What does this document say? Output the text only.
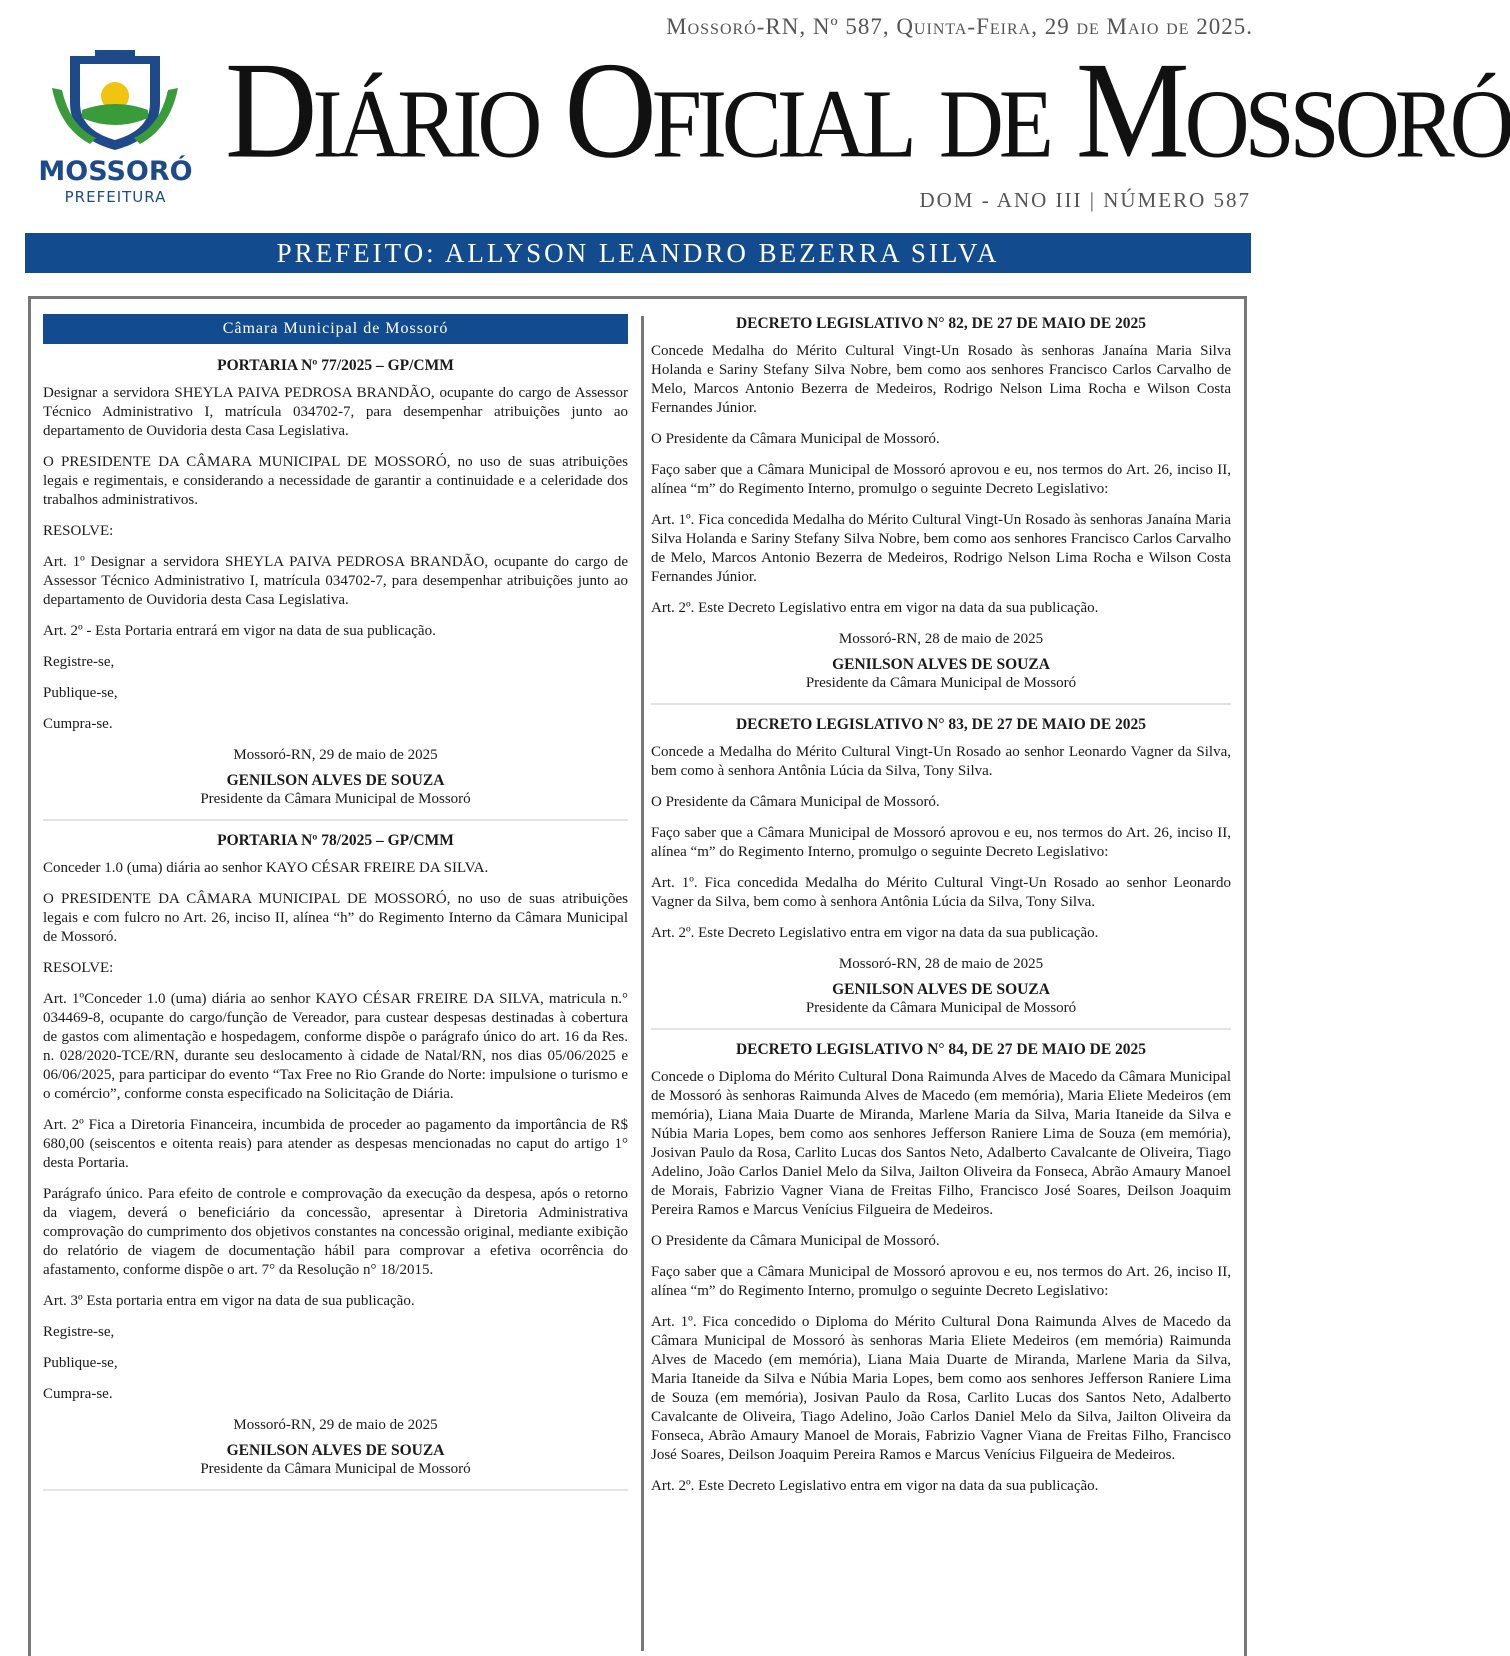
MOSSORÓ
PREFEITURA
Mossoró-RN, Nº 587, Quinta-Feira, 29 de Maio de 2025.
Diário Oficial de Mossoró
DOM - ANO III | NÚMERO 587
PREFEITO: ALLYSON LEANDRO BEZERRA SILVA
Câmara Municipal de Mossoró
PORTARIA Nº 77/2025 – GP/CMM

Designar a servidora SHEYLA PAIVA PEDROSA BRANDÃO, ocupante do cargo de Assessor Técnico Administrativo I, matrícula 034702-7, para desempenhar atribuições junto ao departamento de Ouvidoria desta Casa Legislativa.

O PRESIDENTE DA CÂMARA MUNICIPAL DE MOSSORÓ, no uso de suas atribuições legais e regimentais, e considerando a necessidade de garantir a continuidade e a celeridade dos trabalhos administrativos.

RESOLVE:

Art. 1º Designar a servidora SHEYLA PAIVA PEDROSA BRANDÃO, ocupante do cargo de Assessor Técnico Administrativo I, matrícula 034702-7, para desempenhar atribuições junto ao departamento de Ouvidoria desta Casa Legislativa.

Art. 2º - Esta Portaria entrará em vigor na data de sua publicação.

Registre-se,

Publique-se,

Cumpra-se.

Mossoró-RN, 29 de maio de 2025
GENILSON ALVES DE SOUZA
Presidente da Câmara Municipal de Mossoró
PORTARIA Nº 78/2025 – GP/CMM

Conceder 1.0 (uma) diária ao senhor KAYO CÉSAR FREIRE DA SILVA.

O PRESIDENTE DA CÂMARA MUNICIPAL DE MOSSORÓ, no uso de suas atribuições legais e com fulcro no Art. 26, inciso II, alínea “h” do Regimento Interno da Câmara Municipal de Mossoró.

RESOLVE:

Art. 1ºConceder 1.0 (uma) diária ao senhor KAYO CÉSAR FREIRE DA SILVA, matricula n.° 034469-8, ocupante do cargo/função de Vereador, para custear despesas destinadas à cobertura de gastos com alimentação e hospedagem, conforme dispõe o parágrafo único do art. 16 da Res. n. 028/2020-TCE/RN, durante seu deslocamento à cidade de Natal/RN, nos dias 05/06/2025 e 06/06/2025, para participar do evento “Tax Free no Rio Grande do Norte: impulsione o turismo e o comércio”, conforme consta especificado na Solicitação de Diária.

Art. 2º Fica a Diretoria Financeira, incumbida de proceder ao pagamento da importância de R$ 680,00 (seiscentos e oitenta reais) para atender as despesas mencionadas no caput do artigo 1° desta Portaria.

Parágrafo único. Para efeito de controle e comprovação da execução da despesa, após o retorno da viagem, deverá o beneficiário da concessão, apresentar à Diretoria Administrativa comprovação do cumprimento dos objetivos constantes na concessão original, mediante exibição do relatório de viagem de documentação hábil para comprovar a efetiva ocorrência do afastamento, conforme dispõe o art. 7° da Resolução n° 18/2015.

Art. 3º Esta portaria entra em vigor na data de sua publicação.

Registre-se,

Publique-se,

Cumpra-se.

Mossoró-RN, 29 de maio de 2025
GENILSON ALVES DE SOUZA
Presidente da Câmara Municipal de Mossoró
DECRETO LEGISLATIVO N° 82, DE 27 DE MAIO DE 2025

Concede Medalha do Mérito Cultural Vingt-Un Rosado às senhoras Janaína Maria Silva Holanda e Sariny Stefany Silva Nobre, bem como aos senhores Francisco Carlos Carvalho de Melo, Marcos Antonio Bezerra de Medeiros, Rodrigo Nelson Lima Rocha e Wilson Costa Fernandes Júnior.

O Presidente da Câmara Municipal de Mossoró.

Faço saber que a Câmara Municipal de Mossoró aprovou e eu, nos termos do Art. 26, inciso II, alínea “m” do Regimento Interno, promulgo o seguinte Decreto Legislativo:

Art. 1º. Fica concedida Medalha do Mérito Cultural Vingt-Un Rosado às senhoras Janaína Maria Silva Holanda e Sariny Stefany Silva Nobre, bem como aos senhores Francisco Carlos Carvalho de Melo, Marcos Antonio Bezerra de Medeiros, Rodrigo Nelson Lima Rocha e Wilson Costa Fernandes Júnior.

Art. 2º. Este Decreto Legislativo entra em vigor na data da sua publicação.

Mossoró-RN, 28 de maio de 2025
GENILSON ALVES DE SOUZA
Presidente da Câmara Municipal de Mossoró
DECRETO LEGISLATIVO N° 83, DE 27 DE MAIO DE 2025

Concede a Medalha do Mérito Cultural Vingt-Un Rosado ao senhor Leonardo Vagner da Silva, bem como à senhora Antônia Lúcia da Silva, Tony Silva.

O Presidente da Câmara Municipal de Mossoró.

Faço saber que a Câmara Municipal de Mossoró aprovou e eu, nos termos do Art. 26, inciso II, alínea “m” do Regimento Interno, promulgo o seguinte Decreto Legislativo:

Art. 1º. Fica concedida Medalha do Mérito Cultural Vingt-Un Rosado ao senhor Leonardo Vagner da Silva, bem como à senhora Antônia Lúcia da Silva, Tony Silva.

Art. 2º. Este Decreto Legislativo entra em vigor na data da sua publicação.

Mossoró-RN, 28 de maio de 2025
GENILSON ALVES DE SOUZA
Presidente da Câmara Municipal de Mossoró
DECRETO LEGISLATIVO N° 84, DE 27 DE MAIO DE 2025

Concede o Diploma do Mérito Cultural Dona Raimunda Alves de Macedo da Câmara Municipal de Mossoró às senhoras Raimunda Alves de Macedo (em memória), Maria Eliete Medeiros (em memória), Liana Maia Duarte de Miranda, Marlene Maria da Silva, Maria Itaneide da Silva e Núbia Maria Lopes, bem como aos senhores Jefferson Raniere Lima de Souza (em memória), Josivan Paulo da Rosa, Carlito Lucas dos Santos Neto, Adalberto Cavalcante de Oliveira, Tiago Adelino, João Carlos Daniel Melo da Silva, Jailton Oliveira da Fonseca, Abrão Amaury Manoel de Morais, Fabrizio Vagner Viana de Freitas Filho, Francisco José Soares, Deilson Joaquim Pereira Ramos e Marcus Venícius Filgueira de Medeiros.

O Presidente da Câmara Municipal de Mossoró.

Faço saber que a Câmara Municipal de Mossoró aprovou e eu, nos termos do Art. 26, inciso II, alínea “m” do Regimento Interno, promulgo o seguinte Decreto Legislativo:

Art. 1º. Fica concedido o Diploma do Mérito Cultural Dona Raimunda Alves de Macedo da Câmara Municipal de Mossoró às senhoras Maria Eliete Medeiros (em memória) Raimunda Alves de Macedo (em memória), Liana Maia Duarte de Miranda, Marlene Maria da Silva, Maria Itaneide da Silva e Núbia Maria Lopes, bem como aos senhores Jefferson Raniere Lima de Souza (em memória), Josivan Paulo da Rosa, Carlito Lucas dos Santos Neto, Adalberto Cavalcante de Oliveira, Tiago Adelino, João Carlos Daniel Melo da Silva, Jailton Oliveira da Fonseca, Abrão Amaury Manoel de Morais, Fabrizio Vagner Viana de Freitas Filho, Francisco José Soares, Deilson Joaquim Pereira Ramos e Marcus Venícius Filgueira de Medeiros.

Art. 2º. Este Decreto Legislativo entra em vigor na data da sua publicação.
